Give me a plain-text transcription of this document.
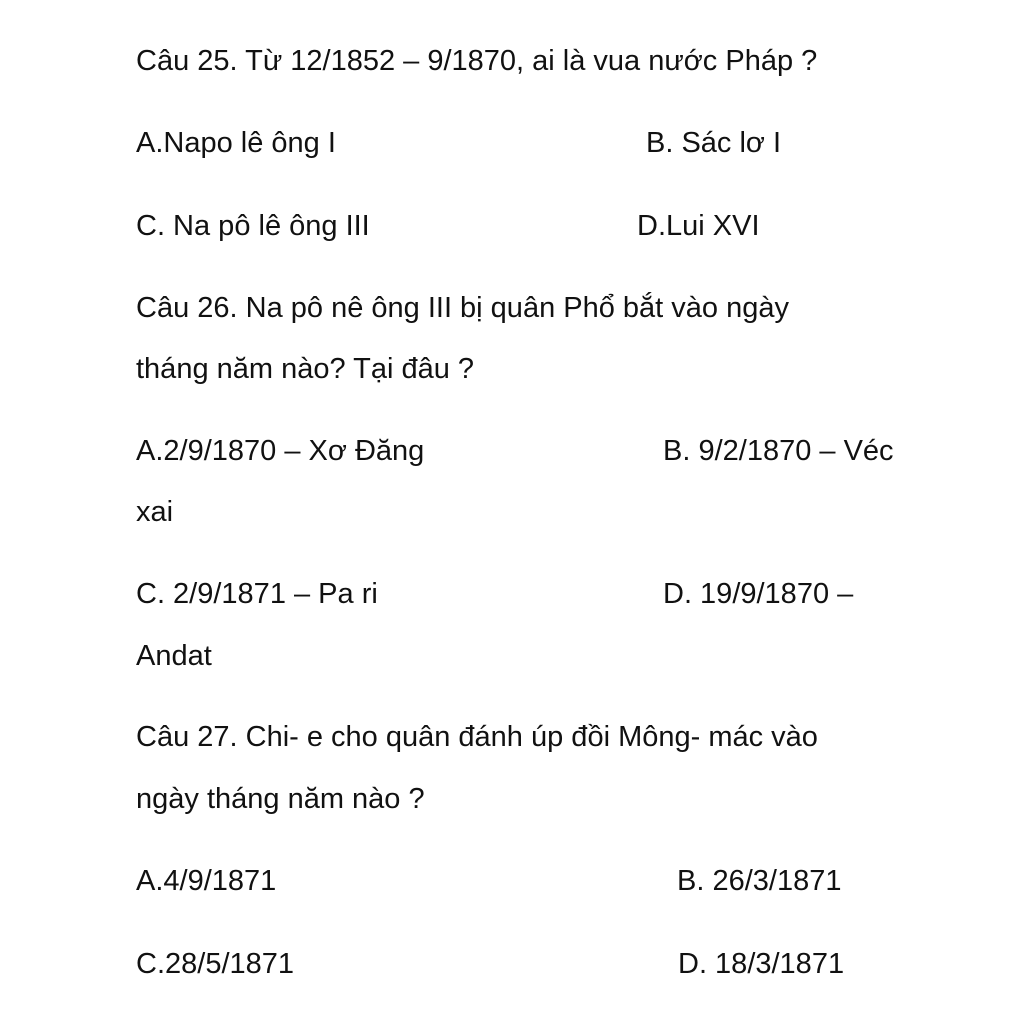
Câu 25. Từ 12/1852 – 9/1870, ai là vua nước Pháp ?
A.Napo lê ông I	B. Sác lơ I
C. Na pô lê ông III	D.Lui XVI
Câu 26. Na pô nê ông III bị quân Phổ bắt vào ngày
tháng năm nào? Tại đâu ?
A.2/9/1870 – Xơ Đăng	B. 9/2/1870 – Véc
xai
C. 2/9/1871 – Pa ri	D. 19/9/1870 –
Andat
Câu 27. Chi- e cho quân đánh úp đồi Mông- mác vào
ngày tháng năm nào ?
A.4/9/1871	B. 26/3/1871
C.28/5/1871	D. 18/3/1871
